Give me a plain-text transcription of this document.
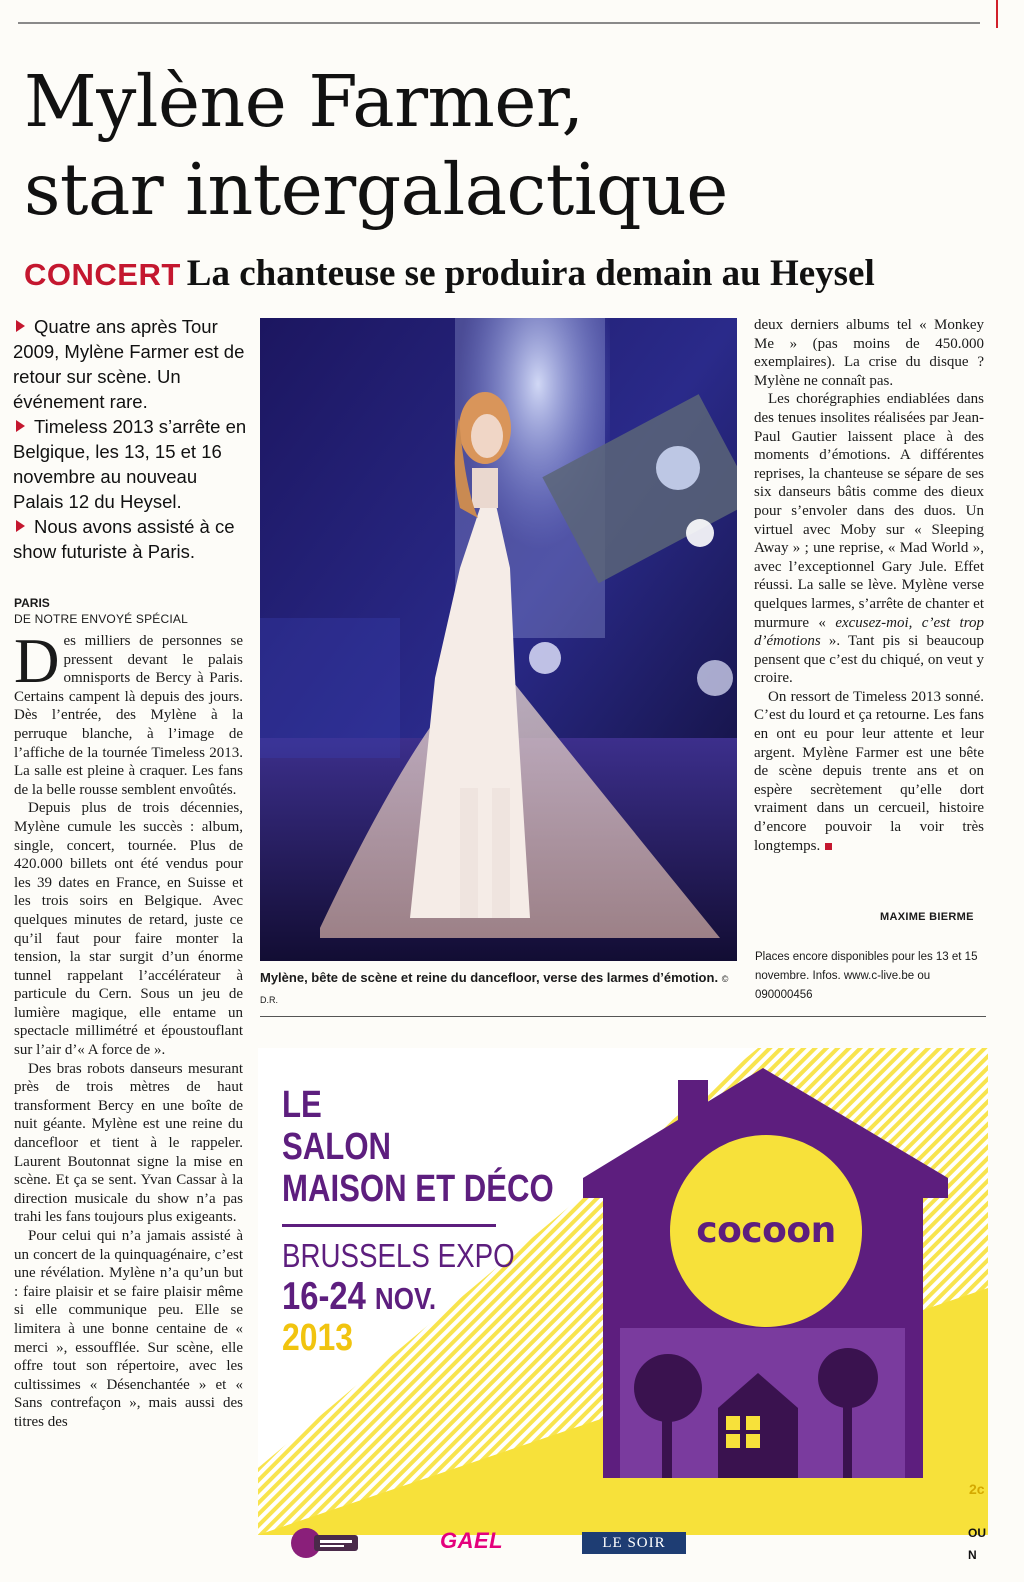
Mylène Farmer,
star intergalactique
CONCERT La chanteuse se produira demain au Heysel
Quatre ans après Tour 2009, Mylène Farmer est de retour sur scène. Un événement rare.
Timeless 2013 s’arrête en Belgique, les 13, 15 et 16 novembre au nouveau Palais 12 du Heysel.
Nous avons assisté à ce show futuriste à Paris.
PARIS
DE NOTRE ENVOYÉ SPÉCIAL

Des milliers de personnes se pressent devant le palais omnisports de Bercy à Paris. Certains campent là depuis des jours. Dès l’entrée, des Mylène à la perruque blanche, à l’image de l’affiche de la tournée Timeless 2013. La salle est pleine à craquer. Les fans de la belle rousse semblent envoûtés.

Depuis plus de trois décennies, Mylène cumule les succès : album, single, concert, tournée. Plus de 420.000 billets ont été vendus pour les 39 dates en France, en Suisse et les trois soirs en Belgique. Avec quelques minutes de retard, juste ce qu’il faut pour faire monter la tension, la star surgit d’un énorme tunnel rappelant l’accélérateur à particule du Cern. Sous un jeu de lumière magique, elle entame un spectacle millimétré et époustouflant sur l’air d’« A force de ».

Des bras robots danseurs mesurant près de trois mètres de haut transforment Bercy en une boîte de nuit géante. Mylène est une reine du dancefloor et tient à le rappeler. Laurent Boutonnat signe la mise en scène. Et ça se sent. Yvan Cassar à la direction musicale du show n’a pas trahi les fans toujours plus exigeants.

Pour celui qui n’a jamais assisté à un concert de la quinquagénaire, c’est une révélation. Mylène n’a qu’un but : faire plaisir et se faire plaisir même si elle communique peu. Elle se limitera à une bonne centaine de « merci », essoufflée. Sur scène, elle offre tout son répertoire, avec les cultissimes « Désenchantée » et « Sans contrefaçon », mais aussi des titres des

Mylène, bête de scène et reine du dancefloor, verse des larmes d’émotion. © D.R.

deux derniers albums tel « Monkey Me » (pas moins de 450.000 exemplaires). La crise du disque ? Mylène ne connaît pas.

Les chorégraphies endiablées dans des tenues insolites réalisées par Jean-Paul Gautier laissent place à des moments d’émotions. A différentes reprises, la chanteuse se sépare de ses six danseurs bâtis comme des dieux pour s’envoler dans des duos. Un virtuel avec Moby sur « Sleeping Away » ; une reprise, « Mad World », avec l’exceptionnel Gary Jule. Effet réussi. La salle se lève. Mylène verse quelques larmes, s’arrête de chanter et murmure « excusez-moi, c’est trop d’émotions ». Tant pis si beaucoup pensent que c’est du chiqué, on veut y croire.

On ressort de Timeless 2013 sonné. C’est du lourd et ça retourne. Les fans en ont eu pour leur attente et leur argent. Mylène Farmer est une bête de scène depuis trente ans et on espère secrètement qu’elle dort vraiment dans un cercueil, histoire d’encore pouvoir la voir très longtemps.

MAXIME BIERME

Places encore disponibles pour les 13 et 15 novembre. Infos. www.c-live.be ou 090000456

LE
SALON
MAISON ET DÉCO

BRUSSELS EXPO

16-24 NOV.

2013

cocoon

2c
GAEL	LE SOIR
OU
N
